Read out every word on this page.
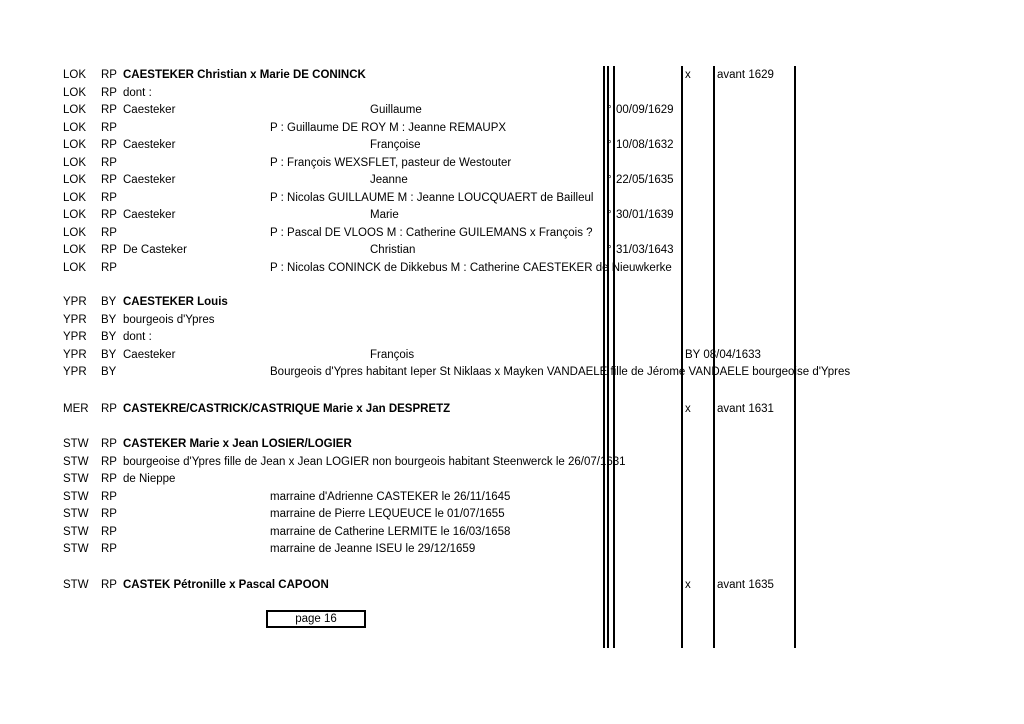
LOK RP CAESTEKER Christian x Marie DE CONINCK	x avant 1629
LOK RP dont :
LOK RP Caesteker	Guillaume	° 00/09/1629
LOK RP	P : Guillaume DE ROY M : Jeanne REMAUPX
LOK RP Caesteker	Françoise	° 10/08/1632
LOK RP	P : François WEXSFLET, pasteur de Westouter
LOK RP Caesteker	Jeanne	° 22/05/1635
LOK RP	P : Nicolas GUILLAUME M : Jeanne LOUCQUAERT de Bailleul
LOK RP Caesteker	Marie	° 30/01/1639
LOK RP	P : Pascal DE VLOOS M : Catherine GUILEMANS x François ?
LOK RP De Casteker	Christian	° 31/03/1643
LOK RP	P : Nicolas CONINCK de Dikkebus M : Catherine CAESTEKER de Nieuwkerke
YPR BY CAESTEKER Louis
YPR BY bourgeois d'Ypres
YPR BY dont :
YPR BY Caesteker	François	BY 08/04/1633
YPR BY	Bourgeois d'Ypres habitant Ieper St Niklaas x Mayken VANDAELE fille de Jérome VANDAELE bourgeoise d'Ypres
MER RP CASTEKRE/CASTRICK/CASTRIQUE Marie x Jan DESPRETZ	x avant 1631
STW RP CASTEKER Marie x Jean LOSIER/LOGIER
STW RP bourgeoise d'Ypres fille de Jean x Jean LOGIER non bourgeois habitant Steenwerck le 26/07/1631
STW RP de Nieppe
STW RP	marraine d'Adrienne CASTEKER le 26/11/1645
STW RP	marraine de Pierre LEQUEUCE le 01/07/1655
STW RP	marraine de Catherine LERMITE le 16/03/1658
STW RP	marraine de Jeanne ISEU le 29/12/1659
STW RP CASTEK Pétronille x Pascal CAPOON	x avant 1635
page 16
